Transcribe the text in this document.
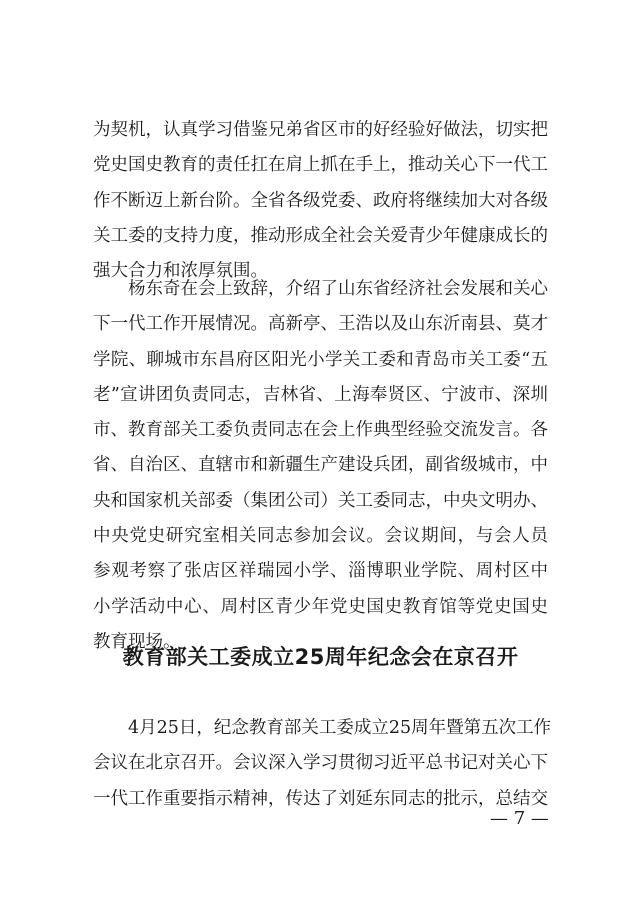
为契机，认真学习借鉴兄弟省区市的好经验好做法，切实把
党史国史教育的责任扛在肩上抓在手上，推动关心下一代工
作不断迈上新台阶。全省各级党委、政府将继续加大对各级
关工委的支持力度，推动形成全社会关爱青少年健康成长的
强大合力和浓厚氛围。
杨东奇在会上致辞，介绍了山东省经济社会发展和关心
下一代工作开展情况。高新亭、王浩以及山东沂南县、莫才
学院、聊城市东昌府区阳光小学关工委和青岛市关工委“五
老”宣讲团负责同志，吉林省、上海奉贤区、宁波市、深圳
市、教育部关工委负责同志在会上作典型经验交流发言。各
省、自治区、直辖市和新疆生产建设兵团，副省级城市，中
央和国家机关部委（集团公司）关工委同志，中央文明办、
中央党史研究室相关同志参加会议。会议期间，与会人员
参观考察了张店区祥瑞园小学、淄博职业学院、周村区中
小学活动中心、周村区青少年党史国史教育馆等党史国史
教育现场。
教育部关工委成立25周年纪念会在京召开
4月25日，纪念教育部关工委成立25周年暨第五次工作
会议在北京召开。会议深入学习贯彻习近平总书记对关心下
一代工作重要指示精神，传达了刘延东同志的批示，总结交

— 7 —
